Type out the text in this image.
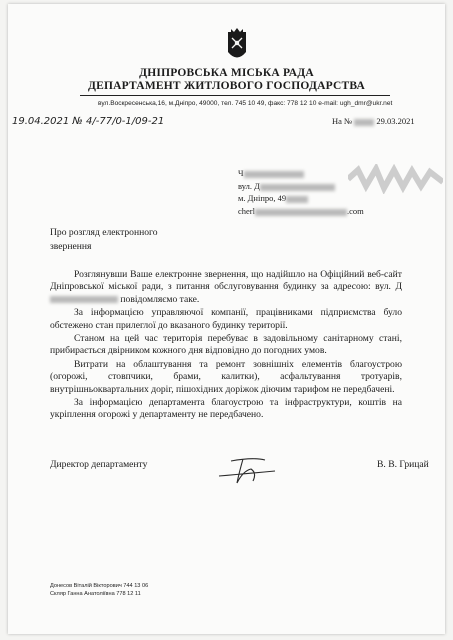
ДНІПРОВСЬКА МІСЬКА РАДА
ДЕПАРТАМЕНТ ЖИТЛОВОГО ГОСПОДАРСТВА
вул.Воскресенська,16, м.Дніпро, 49000, тел. 745 10 49, факс: 778 12 10 e-mail: ugh_dmr@ukr.net
19.04.2021 № 4/-77/0-1/09-21	На №	29.03.2021
Ч
вул. Д
м. Дніпро, 49
cherl	.com
Про розгляд електронного звернення

Розглянувши Ваше електронне звернення, що надійшло на Офіційний веб-сайт Дніпровської міської ради, з питання обслуговування будинку за адресою: вул. Д повідомляємо таке.

За інформацією управляючої компанії, працівниками підприємства було обстежено стан прилеглої до вказаного будинку території.

Станом на цей час територія перебуває в задовільному санітарному стані, прибирається двірником кожного дня відповідно до погодних умов.

Витрати на облаштування та ремонт зовнішніх елементів благоустрою (огорожі, стовпчики, брами, калитки), асфальтування тротуарів, внутрішньоквартальних доріг, пішохідних доріжок діючим тарифом не передбачені.

За інформацією департамента благоустрою та інфраструктури, коштів на укріплення огорожі у департаменту не передбачено.

Директор департаменту	В. В. Грицай
Донесов Віталій Вікторович 744 13 06
Скляр Ганна Анатоліївна 778 12 11
